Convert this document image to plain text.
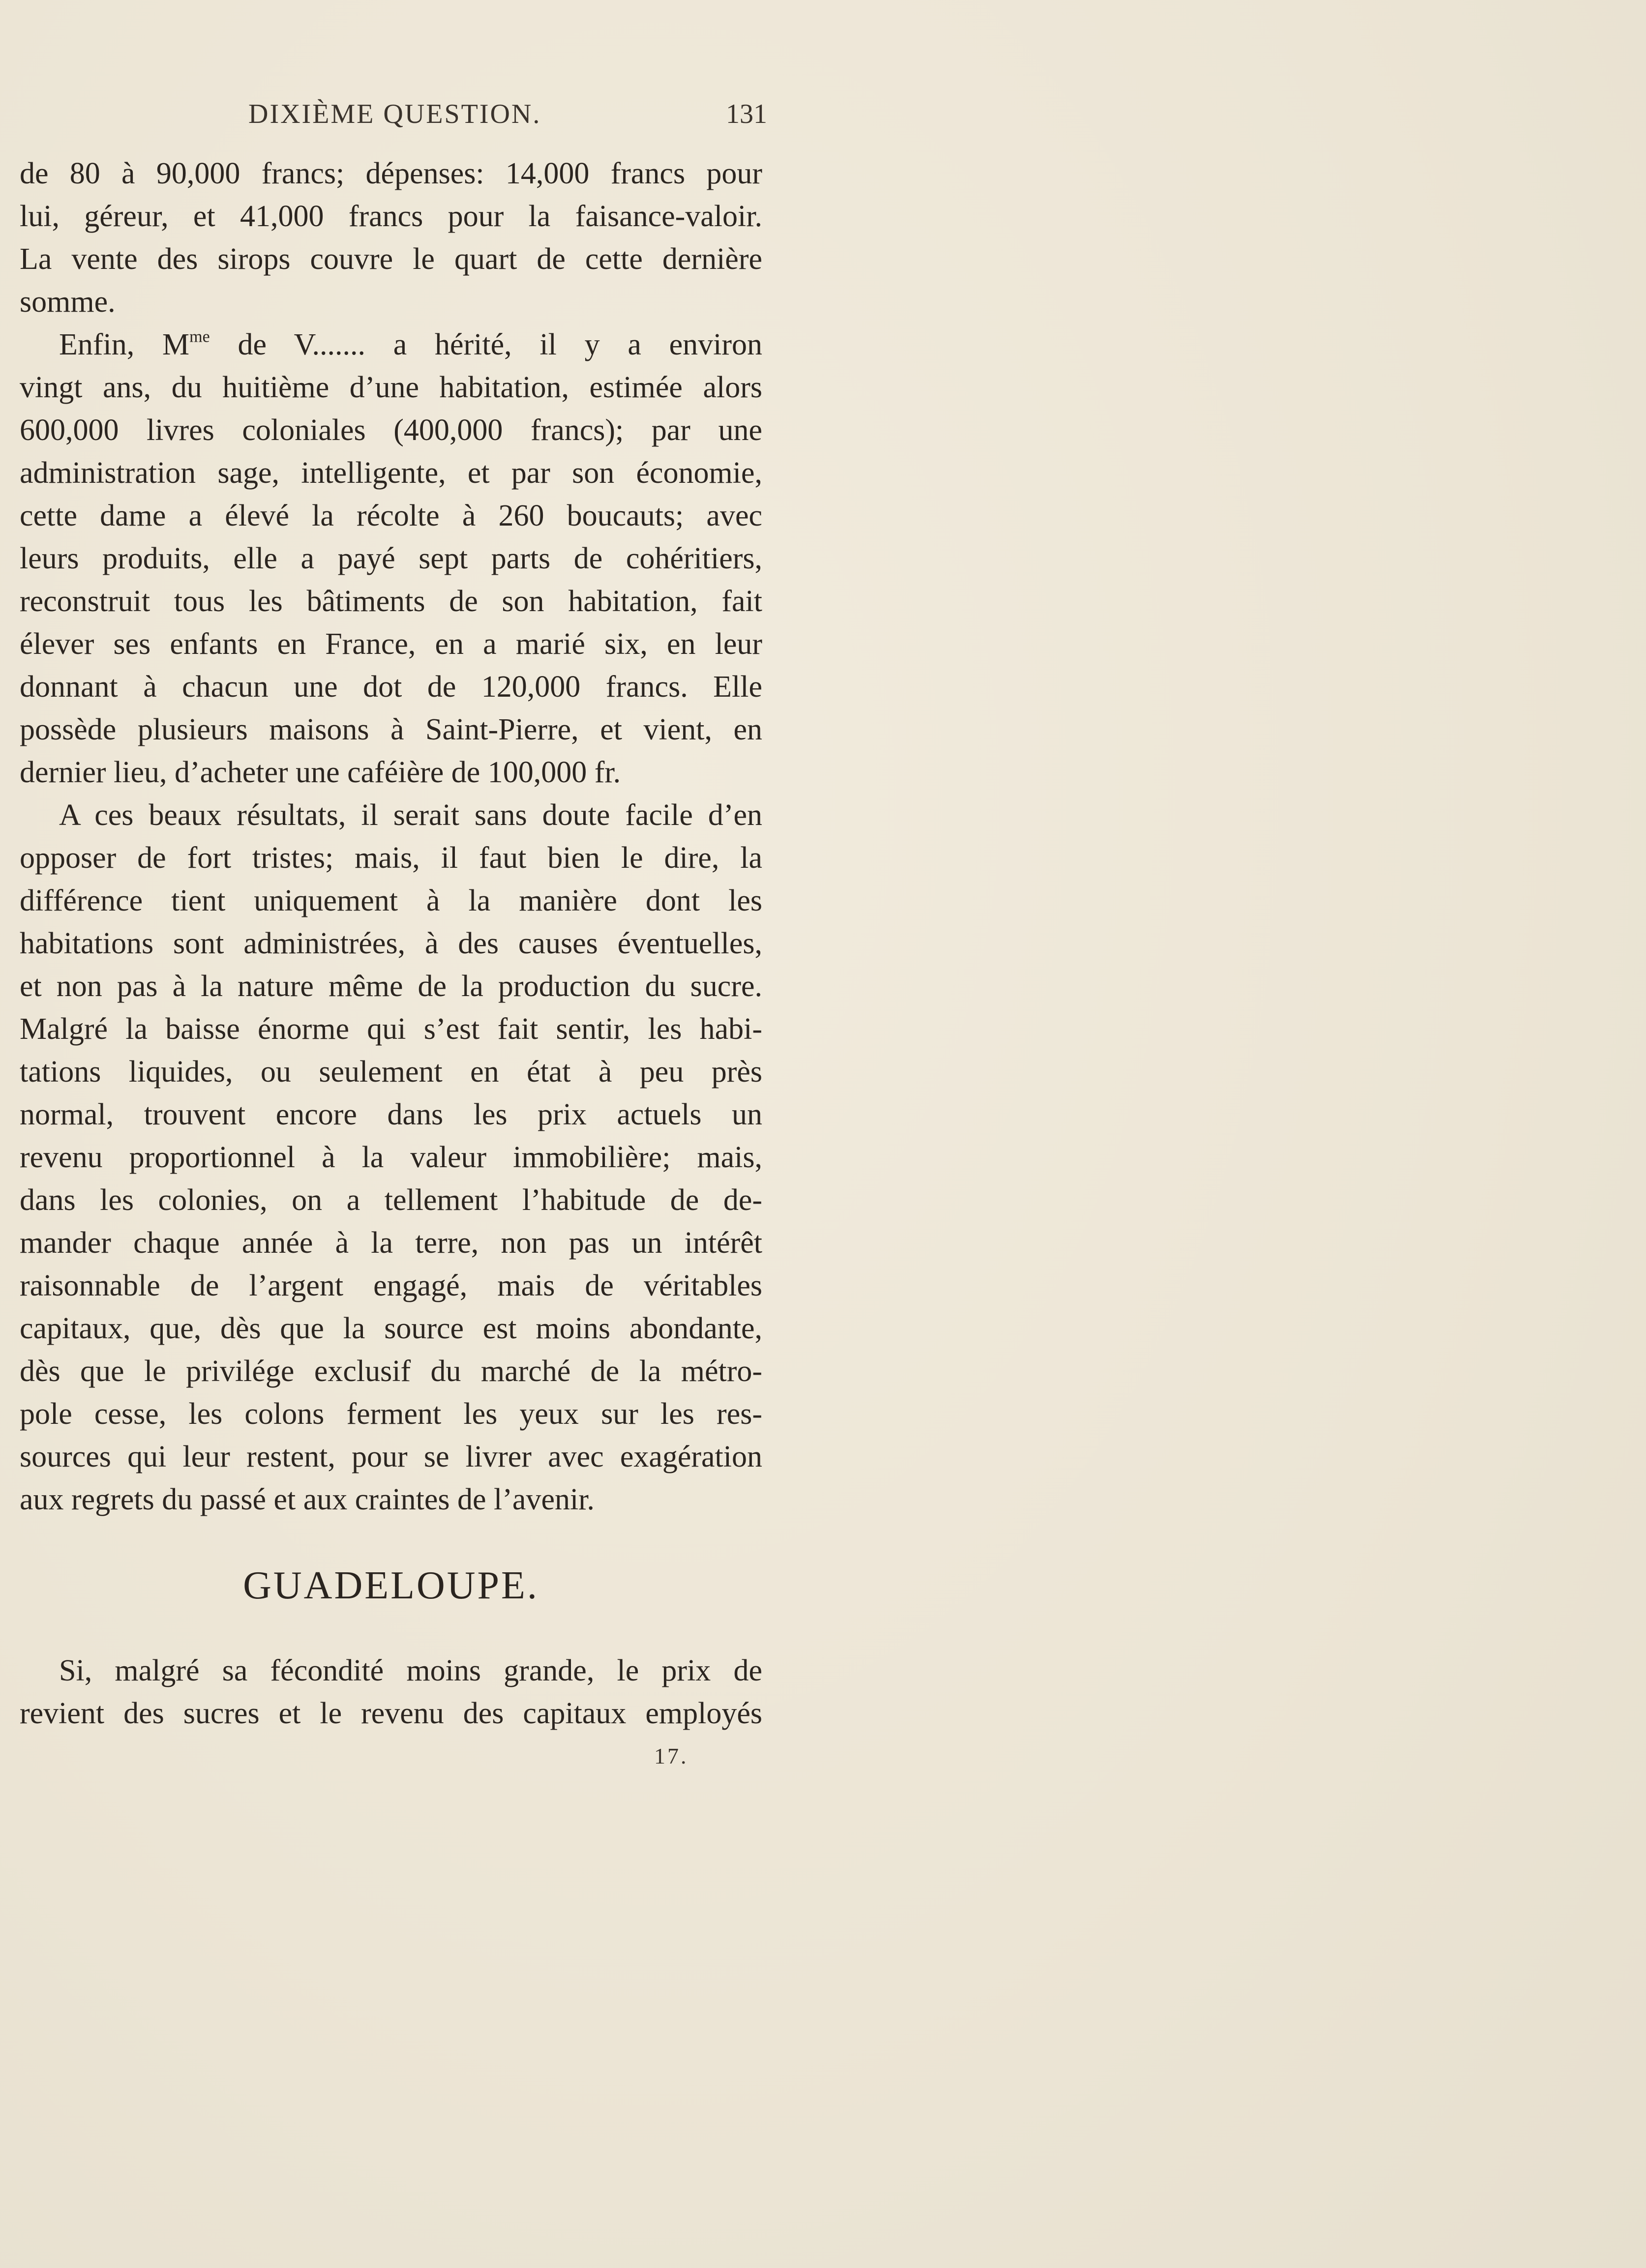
DIXIÈME QUESTION.	131
de 80 à 90,000 francs; dépenses: 14,000 francs pour
lui, géreur, et 41,000 francs pour la faisance-valoir.
La vente des sirops couvre le quart de cette dernière
somme.
Enfin, $M^{me}$ de V....... a hérité, il y a environ
vingt ans, du huitième d’une habitation, estimée alors
600,000 livres coloniales (400,000 francs); par une
administration sage, intelligente, et par son économie,
cette dame a élevé la récolte à 260 boucauts; avec
leurs produits, elle a payé sept parts de cohéritiers,
reconstruit tous les bâtiments de son habitation, fait
élever ses enfants en France, en a marié six, en leur
donnant à chacun une dot de 120,000 francs. Elle
possède plusieurs maisons à Saint-Pierre, et vient, en
dernier lieu, d’acheter une caféière de 100,000 fr.
A ces beaux résultats, il serait sans doute facile d’en
opposer de fort tristes; mais, il faut bien le dire, la
différence tient uniquement à la manière dont les
habitations sont administrées, à des causes éventuelles,
et non pas à la nature même de la production du sucre.
Malgré la baisse énorme qui s’est fait sentir, les habi-
tations liquides, ou seulement en état à peu près
normal, trouvent encore dans les prix actuels un
revenu proportionnel à la valeur immobilière; mais,
dans les colonies, on a tellement l’habitude de de-
mander chaque année à la terre, non pas un intérêt
raisonnable de l’argent engagé, mais de véritables
capitaux, que, dès que la source est moins abondante,
dès que le privilége exclusif du marché de la métro-
pole cesse, les colons ferment les yeux sur les res-
sources qui leur restent, pour se livrer avec exagération
aux regrets du passé et aux craintes de l’avenir.
GUADELOUPE.
Si, malgré sa fécondité moins grande, le prix de
revient des sucres et le revenu des capitaux employés
17.
